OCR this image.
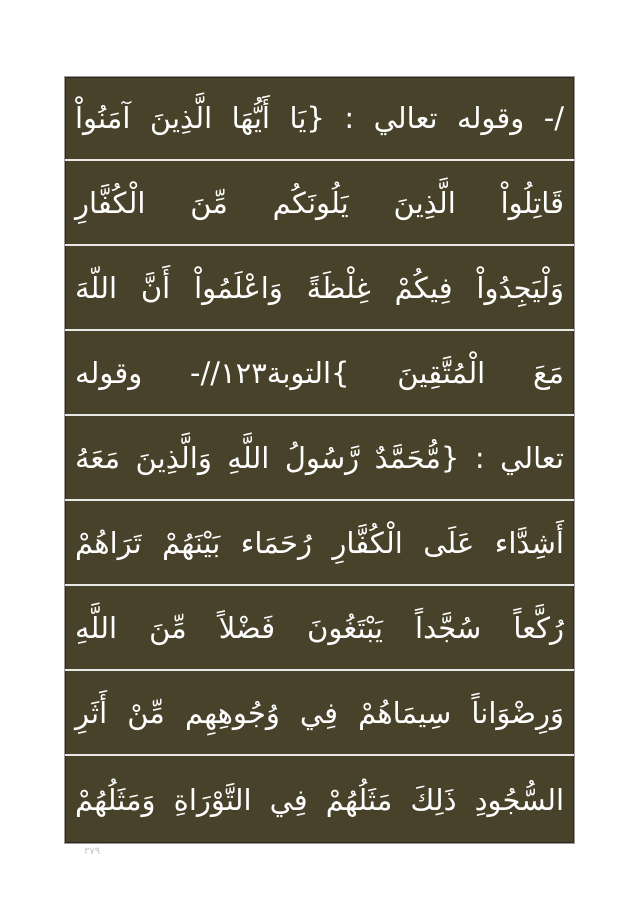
/- وقوله تعالي : {يَا أَيُّهَا الَّذِينَ آمَنُواْ
قَاتِلُواْ الَّذِينَ يَلُونَكُم مِّنَ الْكُفَّارِ
وَلْيَجِدُواْ فِيكُمْ غِلْظَةً وَاعْلَمُواْ أَنَّ اللّهَ
مَعَ الْمُتَّقِينَ }التوبة١٢٣//- وقوله
تعالي : {مُّحَمَّدٌ رَّسُولُ اللَّهِ وَالَّذِينَ مَعَهُ
أَشِدَّاء عَلَى الْكُفَّارِ رُحَمَاء بَيْنَهُمْ تَرَاهُمْ
رُكَّعاً سُجَّداً يَبْتَغُونَ فَضْلاً مِّنَ اللَّهِ
وَرِضْوَاناً سِيمَاهُمْ فِي وُجُوهِهِم مِّنْ أَثَرِ
السُّجُودِ ذَلِكَ مَثَلُهُمْ فِي التَّوْرَاةِ وَمَثَلُهُمْ
٣٧٩
